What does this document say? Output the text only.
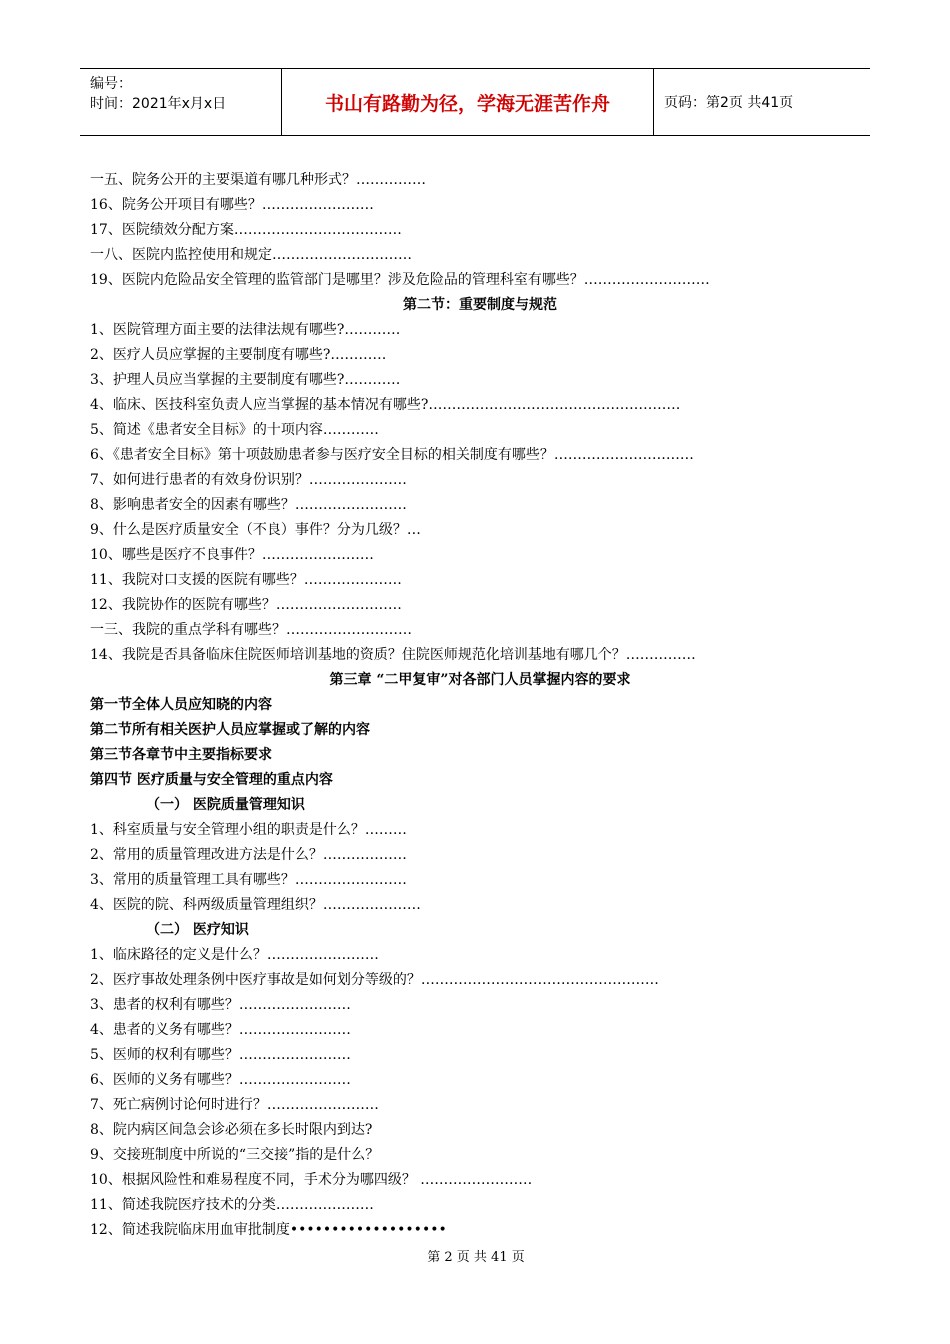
编号：
时间：2021年x月x日	书山有路勤为径，学海无涯苦作舟	页码：第2页 共41页
一五、院务公开的主要渠道有哪几种形式？……………
16、院务公开项目有哪些？……………………
17、医院绩效分配方案………………………………
一八、医院内监控使用和规定…………………………
19、医院内危险品安全管理的监管部门是哪里？涉及危险品的管理科室有哪些？………………………
第二节：重要制度与规范
1、医院管理方面主要的法律法规有哪些?…………
2、医疗人员应掌握的主要制度有哪些?…………
3、护理人员应当掌握的主要制度有哪些?…………
4、临床、医技科室负责人应当掌握的基本情况有哪些?………………………………………………
5、简述《患者安全目标》的十项内容…………
6、《患者安全目标》第十项鼓励患者参与医疗安全目标的相关制度有哪些？…………………………
7、如何进行患者的有效身份识别？…………………
8、影响患者安全的因素有哪些？……………………
9、什么是医疗质量安全（不良）事件？分为几级？…
10、哪些是医疗不良事件？……………………
11、我院对口支援的医院有哪些？…………………
12、我院协作的医院有哪些？………………………
一三、我院的重点学科有哪些？………………………
14、我院是否具备临床住院医师培训基地的资质？住院医师规范化培训基地有哪几个？……………
第三章 “二甲复审”对各部门人员掌握内容的要求
第一节全体人员应知晓的内容
第二节所有相关医护人员应掌握或了解的内容
第三节各章节中主要指标要求
第四节 医疗质量与安全管理的重点内容
（一） 医院质量管理知识
1、科室质量与安全管理小组的职责是什么？………
2、常用的质量管理改进方法是什么？………………
3、常用的质量管理工具有哪些？……………………
4、医院的院、科两级质量管理组织？…………………
（二） 医疗知识
1、临床路径的定义是什么？……………………
2、医疗事故处理条例中医疗事故是如何划分等级的？……………………………………………
3、患者的权利有哪些？……………………
4、患者的义务有哪些？……………………
5、医师的权利有哪些？……………………
6、医师的义务有哪些？……………………
7、死亡病例讨论何时进行？……………………
8、院内病区间急会诊必须在多长时限内到达?
9、交接班制度中所说的“三交接”指的是什么？
10、根据风险性和难易程度不同，手术分为哪四级？ ……………………
11、简述我院医疗技术的分类…………………
12、简述我院临床用血审批制度•••••••••••••••••••
第 2 页 共 41 页
